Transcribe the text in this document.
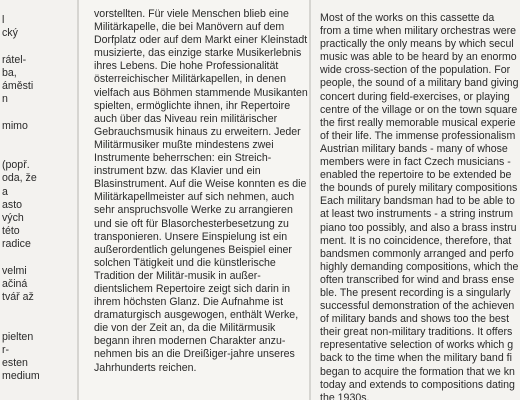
l
cký

rátel-
ba,
áměsti
n

mimo

(popř.
oda, že
a
asto
vých
této
radice

velmi
ačiná
tvář až

pielten
r-
esten
medium
vorstellten. Für viele Menschen blieb eine
Militärkapelle, die bei Manövern auf dem
Dorfplatz oder auf dem Markt einer Kleinstadt
musizierte, das einzige starke Musikerlebnis
ihres Lebens. Die hohe Professionalität
österreichischer Militärkapellen, in denen
vielfach aus Böhmen stammende Musikanten
spielten, ermöglichte ihnen, ihr Repertoire
auch über das Niveau rein militärischer
Gebrauchsmusik hinaus zu erweitern. Jeder
Militärmusiker mußte mindestens zwei
Instrumente beherrschen: ein Streich-
instrument bzw. das Klavier und ein
Blasinstrument. Auf die Weise konnten es die
Militärkapellmeister auf sich nehmen, auch
sehr anspruchsvolle Werke zu arrangieren
und sie oft für Blasorchesterbesetzung zu
transponieren. Unsere Einspielung ist ein
außerordentlich gelungenes Beispiel einer
solchen Tätigkeit und die künstlerische
Tradition der Militär-musik in außer-
dientslichem Repertoire zeigt sich darin in
ihrem höchsten Glanz. Die Aufnahme ist
dramaturgisch ausgewogen, enthält Werke,
die von der Zeit an, da die Militärmusik
begann ihren modernen Charakter anzu-
nehmen bis an die Dreißiger-jahre unseres
Jahrhunderts reichen.
Most of the works on this cassette da
from a time when military orchestras were
practically the only means by which secul
music was able to be heard by an enormo
wide cross-section of the population. For
people, the sound of a military band giving
concert during field-exercises, or playing
centre of the village or on the town square
the first really memorable musical experie
of their life. The immense professionalism
Austrian military bands - many of whose
members were in fact Czech musicians -
enabled the repertoire to be extended be
the bounds of purely military compositions
Each military bandsman had to be able to
at least two instruments - a string instrum
piano too possibly, and also a brass instru
ment. It is no coincidence, therefore, that
bandsmen commonly arranged and perfo
highly demanding compositions, which the
often transcribed for wind and brass ense
ble. The present recording is a singularly
successful demonstration of the achieven
of military bands and shows too the best
their great non-military traditions. It offers
representative selection of works which g
back to the time when the military band fi
began to acquire the formation that we kn
today and extends to compositions dating
the 1930s.
